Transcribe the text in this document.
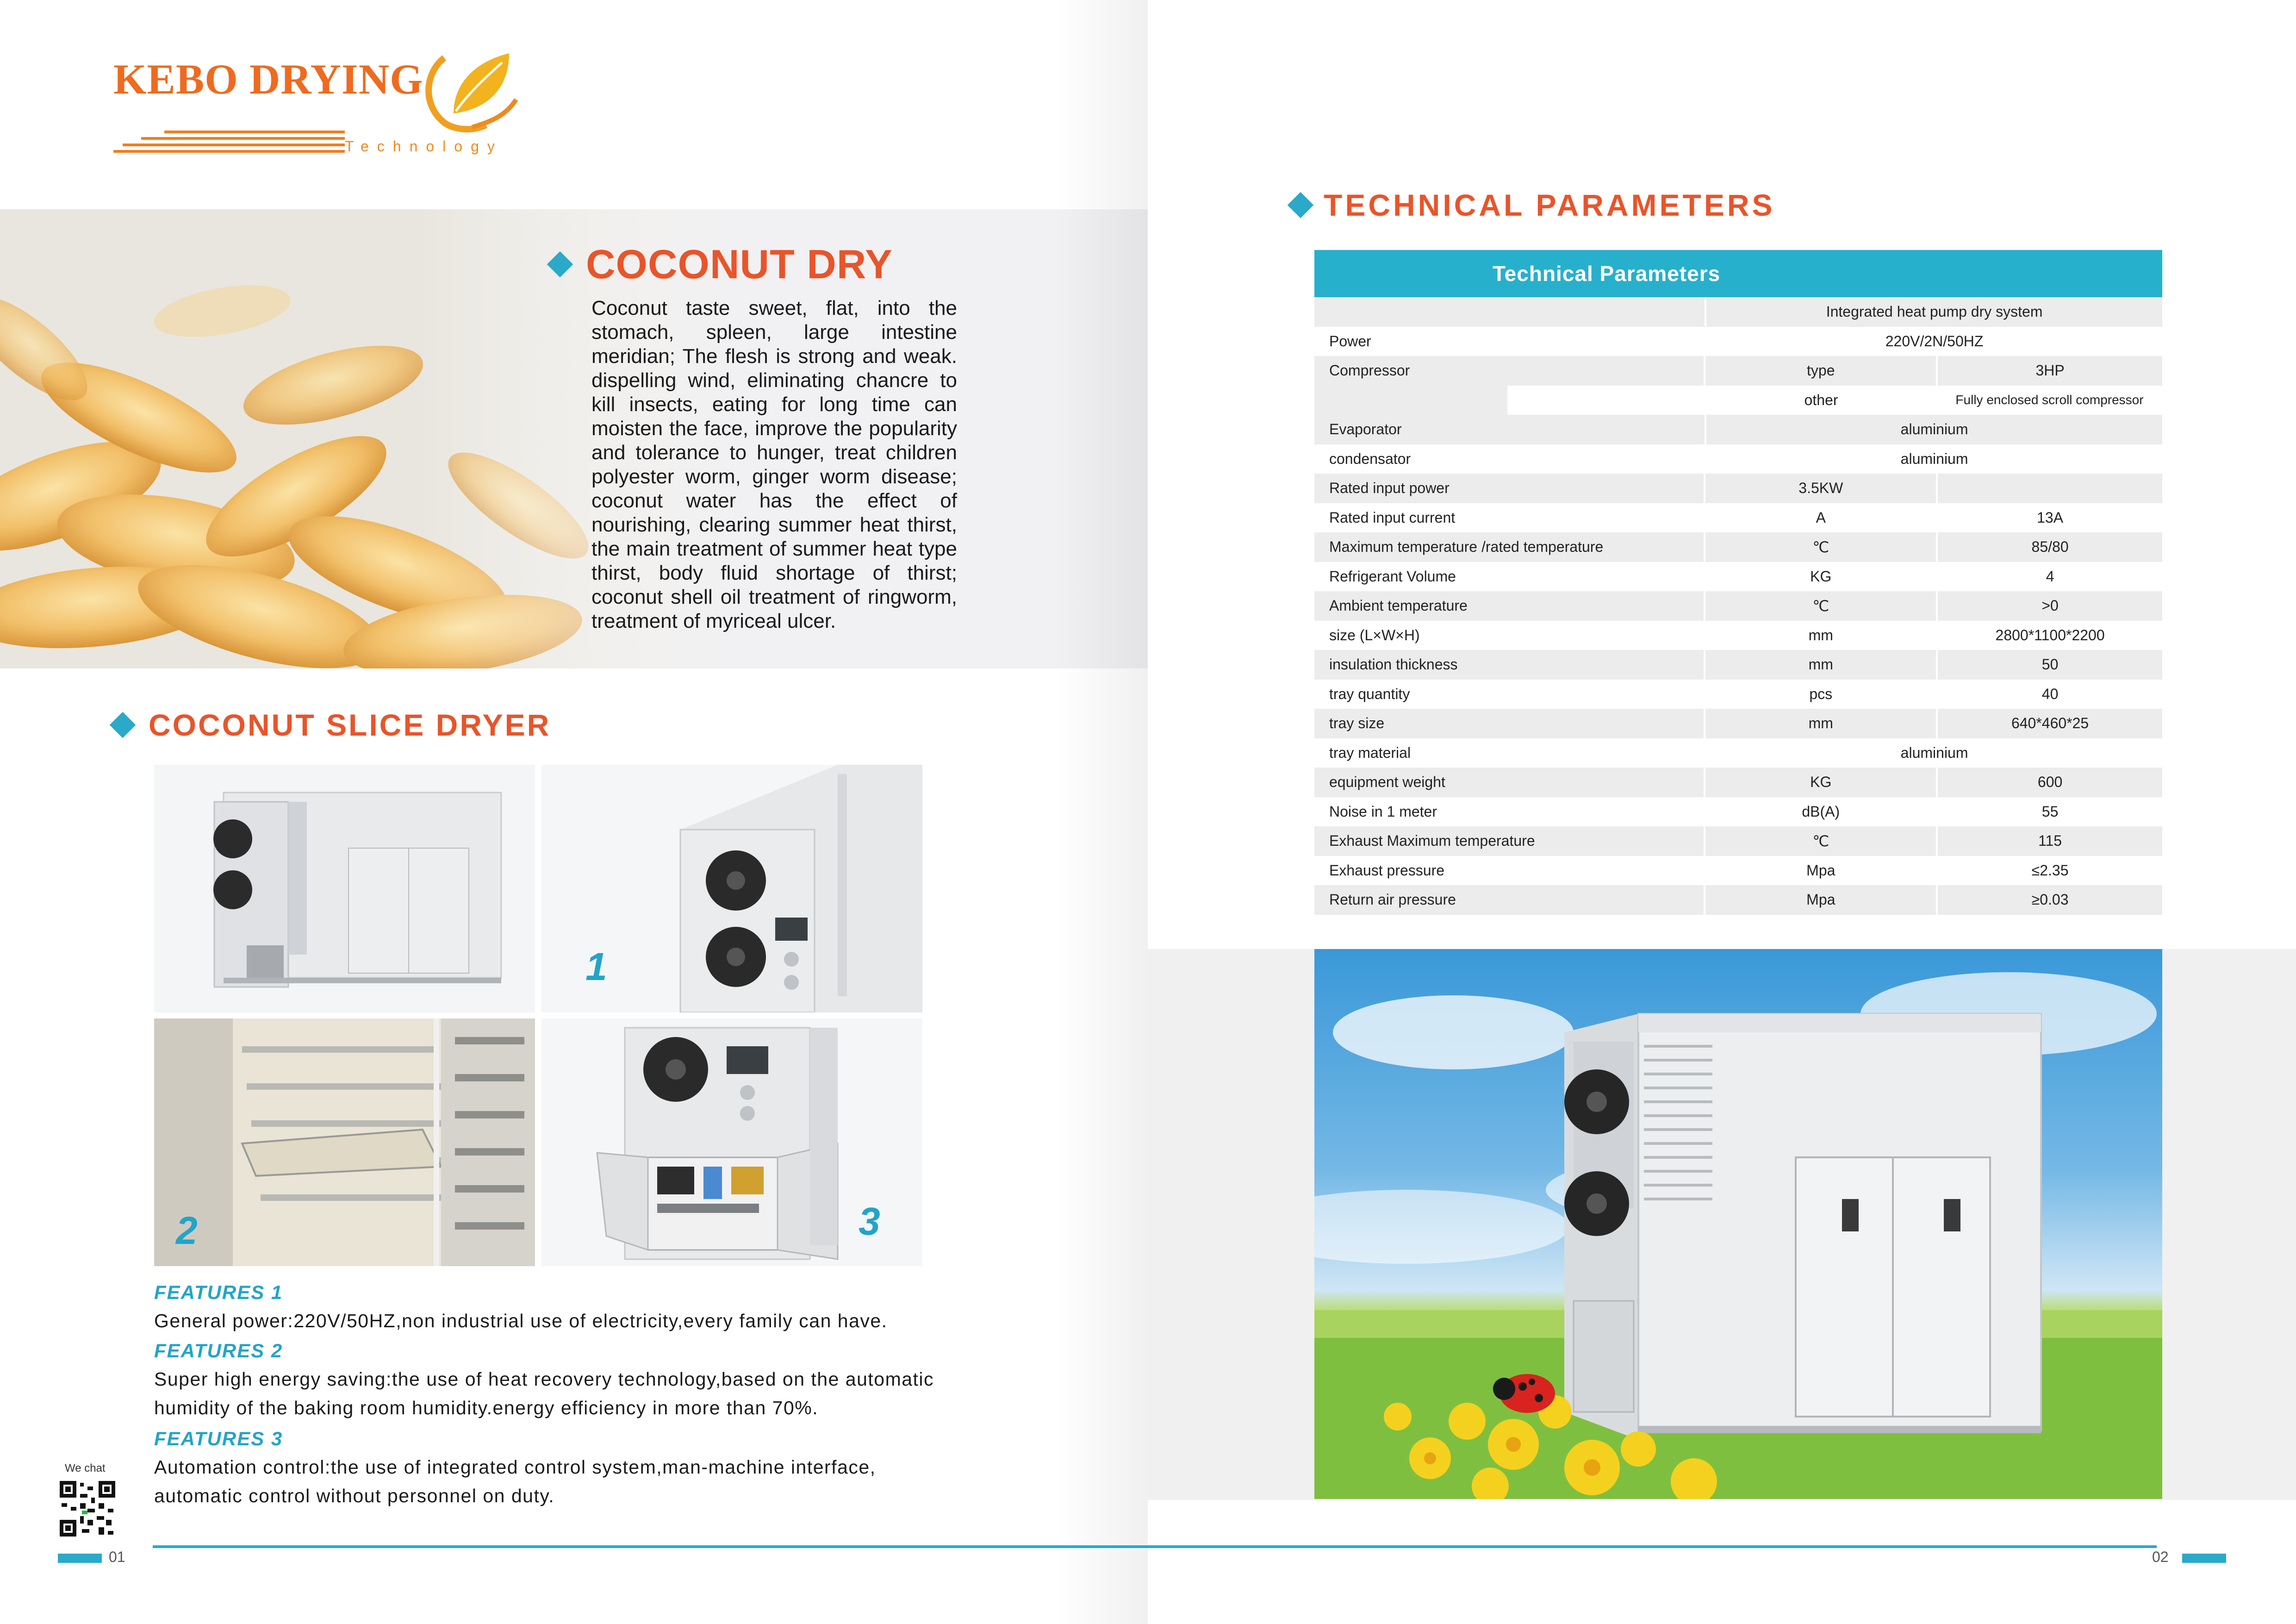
KEBO DRYING
Technology
COCONUT DRY
Coconut taste sweet, flat, into the stomach, spleen, large intestine meridian; The flesh is strong and weak. dispelling wind, eliminating chancre to kill insects, eating for long time can moisten the face, improve the popularity and tolerance to hunger, treat children polyester worm, ginger worm disease; coconut water has the effect of nourishing, clearing summer heat thirst, the main treatment of summer heat type thirst, body fluid shortage of thirst; coconut shell oil treatment of ringworm, treatment of myriceal ulcer.
COCONUT SLICE DRYER
1
2	3
FEATURES 1
General power:220V/50HZ,non industrial use of electricity,every family can have.
FEATURES 2
Super high energy saving:the use of heat recovery technology,based on the automatic humidity of the baking room humidity.energy efficiency in more than 70%.
FEATURES 3
Automation control:the use of integrated control system,man-machine interface, automatic control without personnel on duty.
We chat
01	02
TECHNICAL PARAMETERS
Technical Parameters
Integrated heat pump dry system
Power	220V/2N/50HZ
Compressor	type	3HP
other	Fully enclosed scroll compressor
Evaporator	aluminium
condensator	aluminium
Rated input power	3.5KW
Rated input current	A	13A
Maximum temperature /rated temperature	℃	85/80
Refrigerant Volume	KG	4
Ambient temperature	℃	>0
size (L×W×H)	mm	2800*1100*2200
insulation thickness	mm	50
tray quantity	pcs	40
tray size	mm	640*460*25
tray material	aluminium
equipment weight	KG	600
Noise in 1 meter	dB(A)	55
Exhaust Maximum temperature	℃	115
Exhaust pressure	Mpa	≤2.35
Return air pressure	Mpa	≥0.03
